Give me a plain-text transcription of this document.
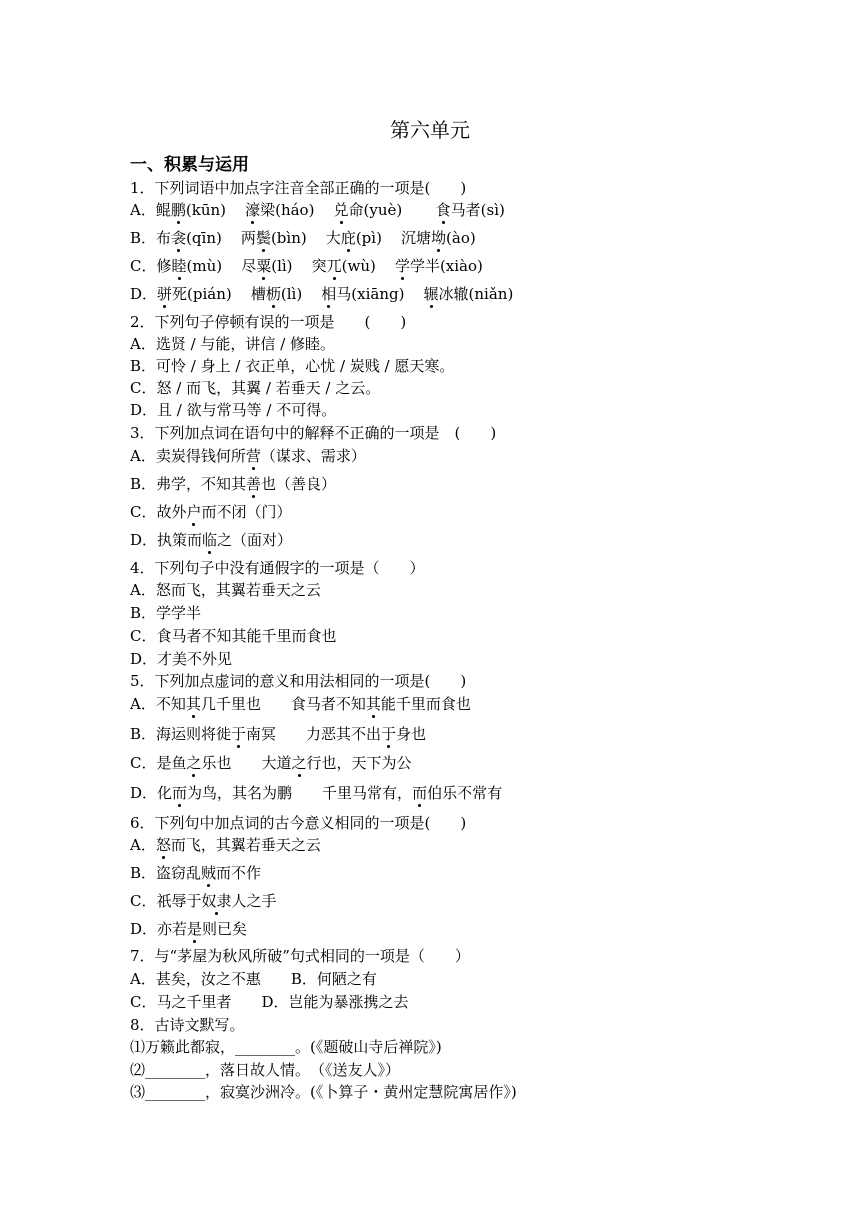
第六单元
一、积累与运用
1．下列词语中加点字注音全部正确的一项是(　　)
A．鲲鹏(kūn) 濠梁(háo) 兑命(yuè) 食马者(sì)
B．布衾(qīn) 两鬓(bìn) 大庇(pì) 沉塘坳(ào)
C．修睦(mù) 尽粟(lì) 突兀(wù) 学学半(xiào)
D．骈死(pián) 槽枥(lì) 相马(xiāng) 辗冰辙(niǎn)
2．下列句子停顿有误的一项是　　(　　)
A．选贤 / 与能，讲信 / 修睦。
B．可怜 / 身上 / 衣正单，心忧 / 炭贱 / 愿天寒。
C．怒 / 而飞，其翼 / 若垂天 / 之云。
D．且 / 欲与常马等 / 不可得。
3．下列加点词在语句中的解释不正确的一项是　(　　)
A．卖炭得钱何所营（谋求、需求）
B．弗学，不知其善也（善良）
C．故外户而不闭（门）
D．执策而临之（面对）
4．下列句子中没有通假字的一项是（　　）
A．怒而飞，其翼若垂天之云
B．学学半
C．食马者不知其能千里而食也
D．才美不外见
5．下列加点虚词的意义和用法相同的一项是(　　)
A．不知其几千里也　　食马者不知其能千里而食也
B．海运则将徙于南冥　　力恶其不出于身也
C．是鱼之乐也　　大道之行也，天下为公
D．化而为鸟，其名为鹏　　千里马常有，而伯乐不常有
6．下列句中加点词的古今意义相同的一项是(　　)
A．怒而飞，其翼若垂天之云
B．盗窃乱贼而不作
C．祇辱于奴隶人之手
D．亦若是则已矣
7．与“茅屋为秋风所破”句式相同的一项是（　　）
A．甚矣，汝之不惠　　B．何陋之有
C．马之千里者　　D．岂能为暴涨携之去
8．古诗文默写。
⑴万籁此都寂，________。(《题破山寺后禅院》)
⑵________，落日故人情。　（《送友人》）
⑶________，寂寞沙洲冷。(《卜算子・黄州定慧院寓居作》)
